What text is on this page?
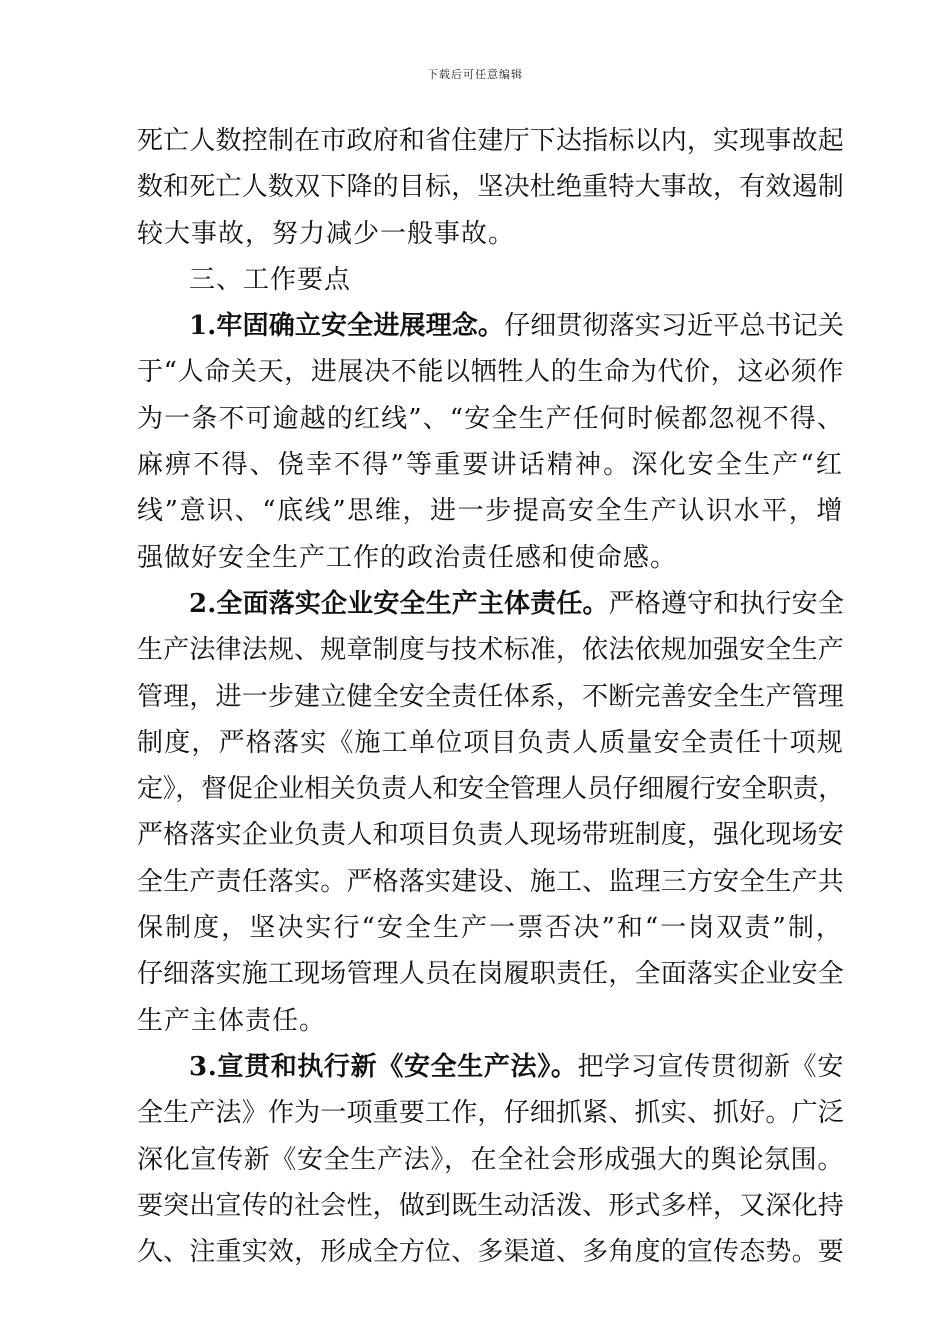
下载后可任意编辑
死亡人数控制在市政府和省住建厅下达指标以内，实现事故起
数和死亡人数双下降的目标，坚决杜绝重特大事故，有效遏制
较大事故，努力减少一般事故。
三、工作要点
1.牢固确立安全进展理念。仔细贯彻落实习近平总书记关
于“人命关天，进展决不能以牺牲人的生命为代价，这必须作
为一条不可逾越的红线”、“安全生产任何时候都忽视不得、
麻痹不得、侥幸不得”等重要讲话精神。深化安全生产“红
线”意识、“底线”思维，进一步提高安全生产认识水平，增
强做好安全生产工作的政治责任感和使命感。
2.全面落实企业安全生产主体责任。严格遵守和执行安全
生产法律法规、规章制度与技术标准，依法依规加强安全生产
管理，进一步建立健全安全责任体系，不断完善安全生产管理
制度，严格落实《施工单位项目负责人质量安全责任十项规
定》，督促企业相关负责人和安全管理人员仔细履行安全职责，
严格落实企业负责人和项目负责人现场带班制度，强化现场安
全生产责任落实。严格落实建设、施工、监理三方安全生产共
保制度，坚决实行“安全生产一票否决”和“一岗双责”制，
仔细落实施工现场管理人员在岗履职责任，全面落实企业安全
生产主体责任。
3.宣贯和执行新《安全生产法》。把学习宣传贯彻新《安
全生产法》作为一项重要工作，仔细抓紧、抓实、抓好。广泛
深化宣传新《安全生产法》，在全社会形成强大的舆论氛围。
要突出宣传的社会性，做到既生动活泼、形式多样，又深化持
久、注重实效，形成全方位、多渠道、多角度的宣传态势。要
